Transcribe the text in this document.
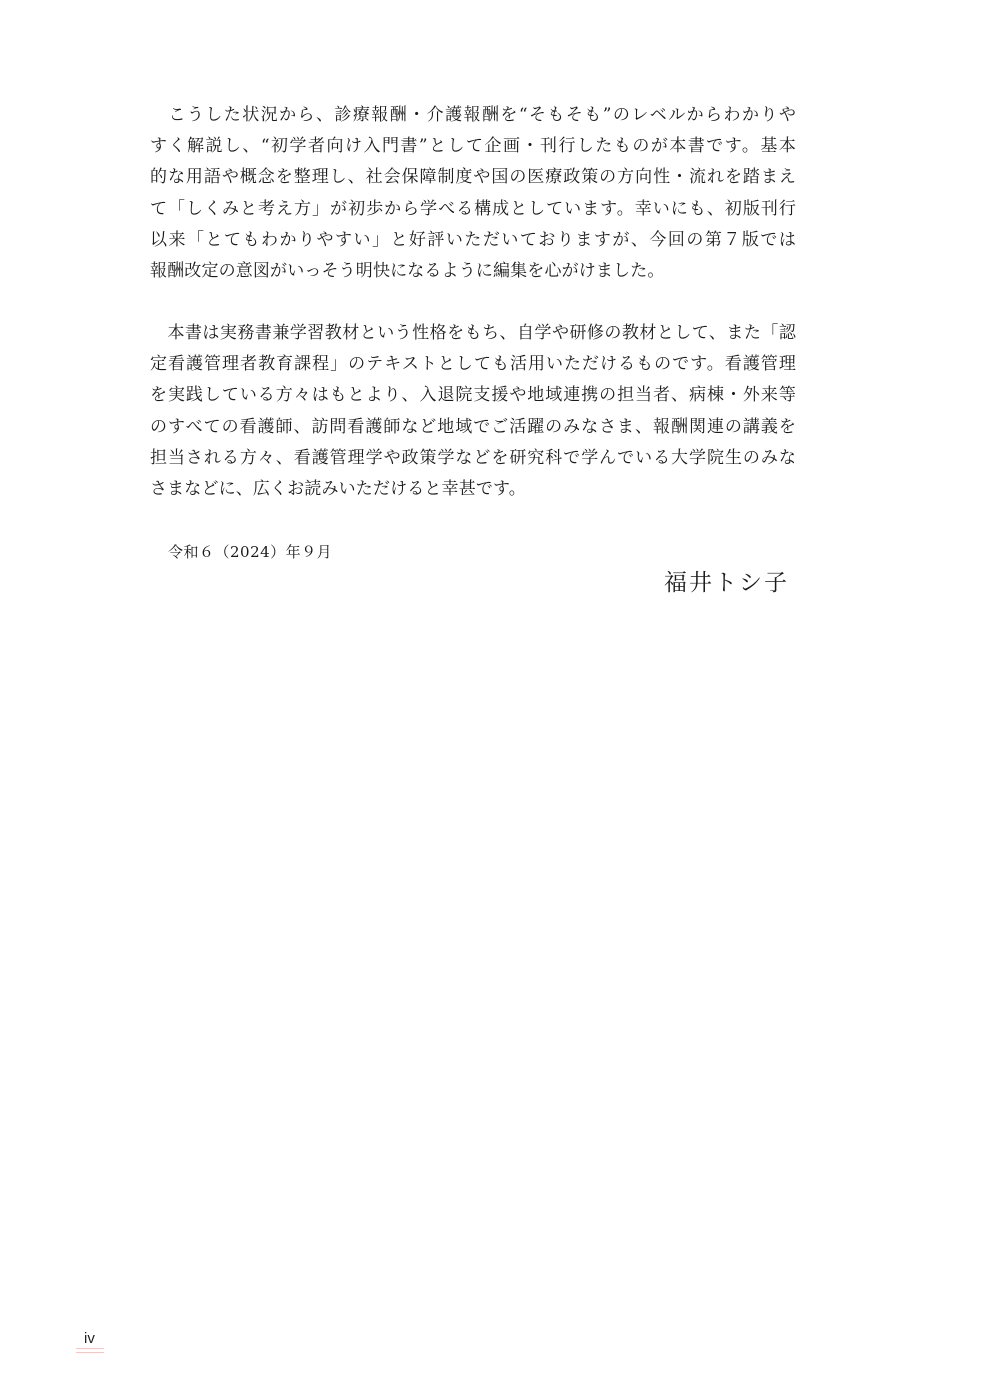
　こうした状況から、診療報酬・介護報酬を“そもそも”のレベルからわかりや
すく解説し、“初学者向け入門書”として企画・刊行したものが本書です。基本
的な用語や概念を整理し、社会保障制度や国の医療政策の方向性・流れを踏まえ
て「しくみと考え方」が初歩から学べる構成としています。幸いにも、初版刊行
以来「とてもわかりやすい」と好評いただいておりますが、今回の第７版では
報酬改定の意図がいっそう明快になるように編集を心がけました。
　本書は実務書兼学習教材という性格をもち、自学や研修の教材として、また「認
定看護管理者教育課程」のテキストとしても活用いただけるものです。看護管理
を実践している方々はもとより、入退院支援や地域連携の担当者、病棟・外来等
のすべての看護師、訪問看護師など地域でご活躍のみなさま、報酬関連の講義を
担当される方々、看護管理学や政策学などを研究科で学んでいる大学院生のみな
さまなどに、広くお読みいただけると幸甚です。
令和６（2024）年９月
福井トシ子
iv
